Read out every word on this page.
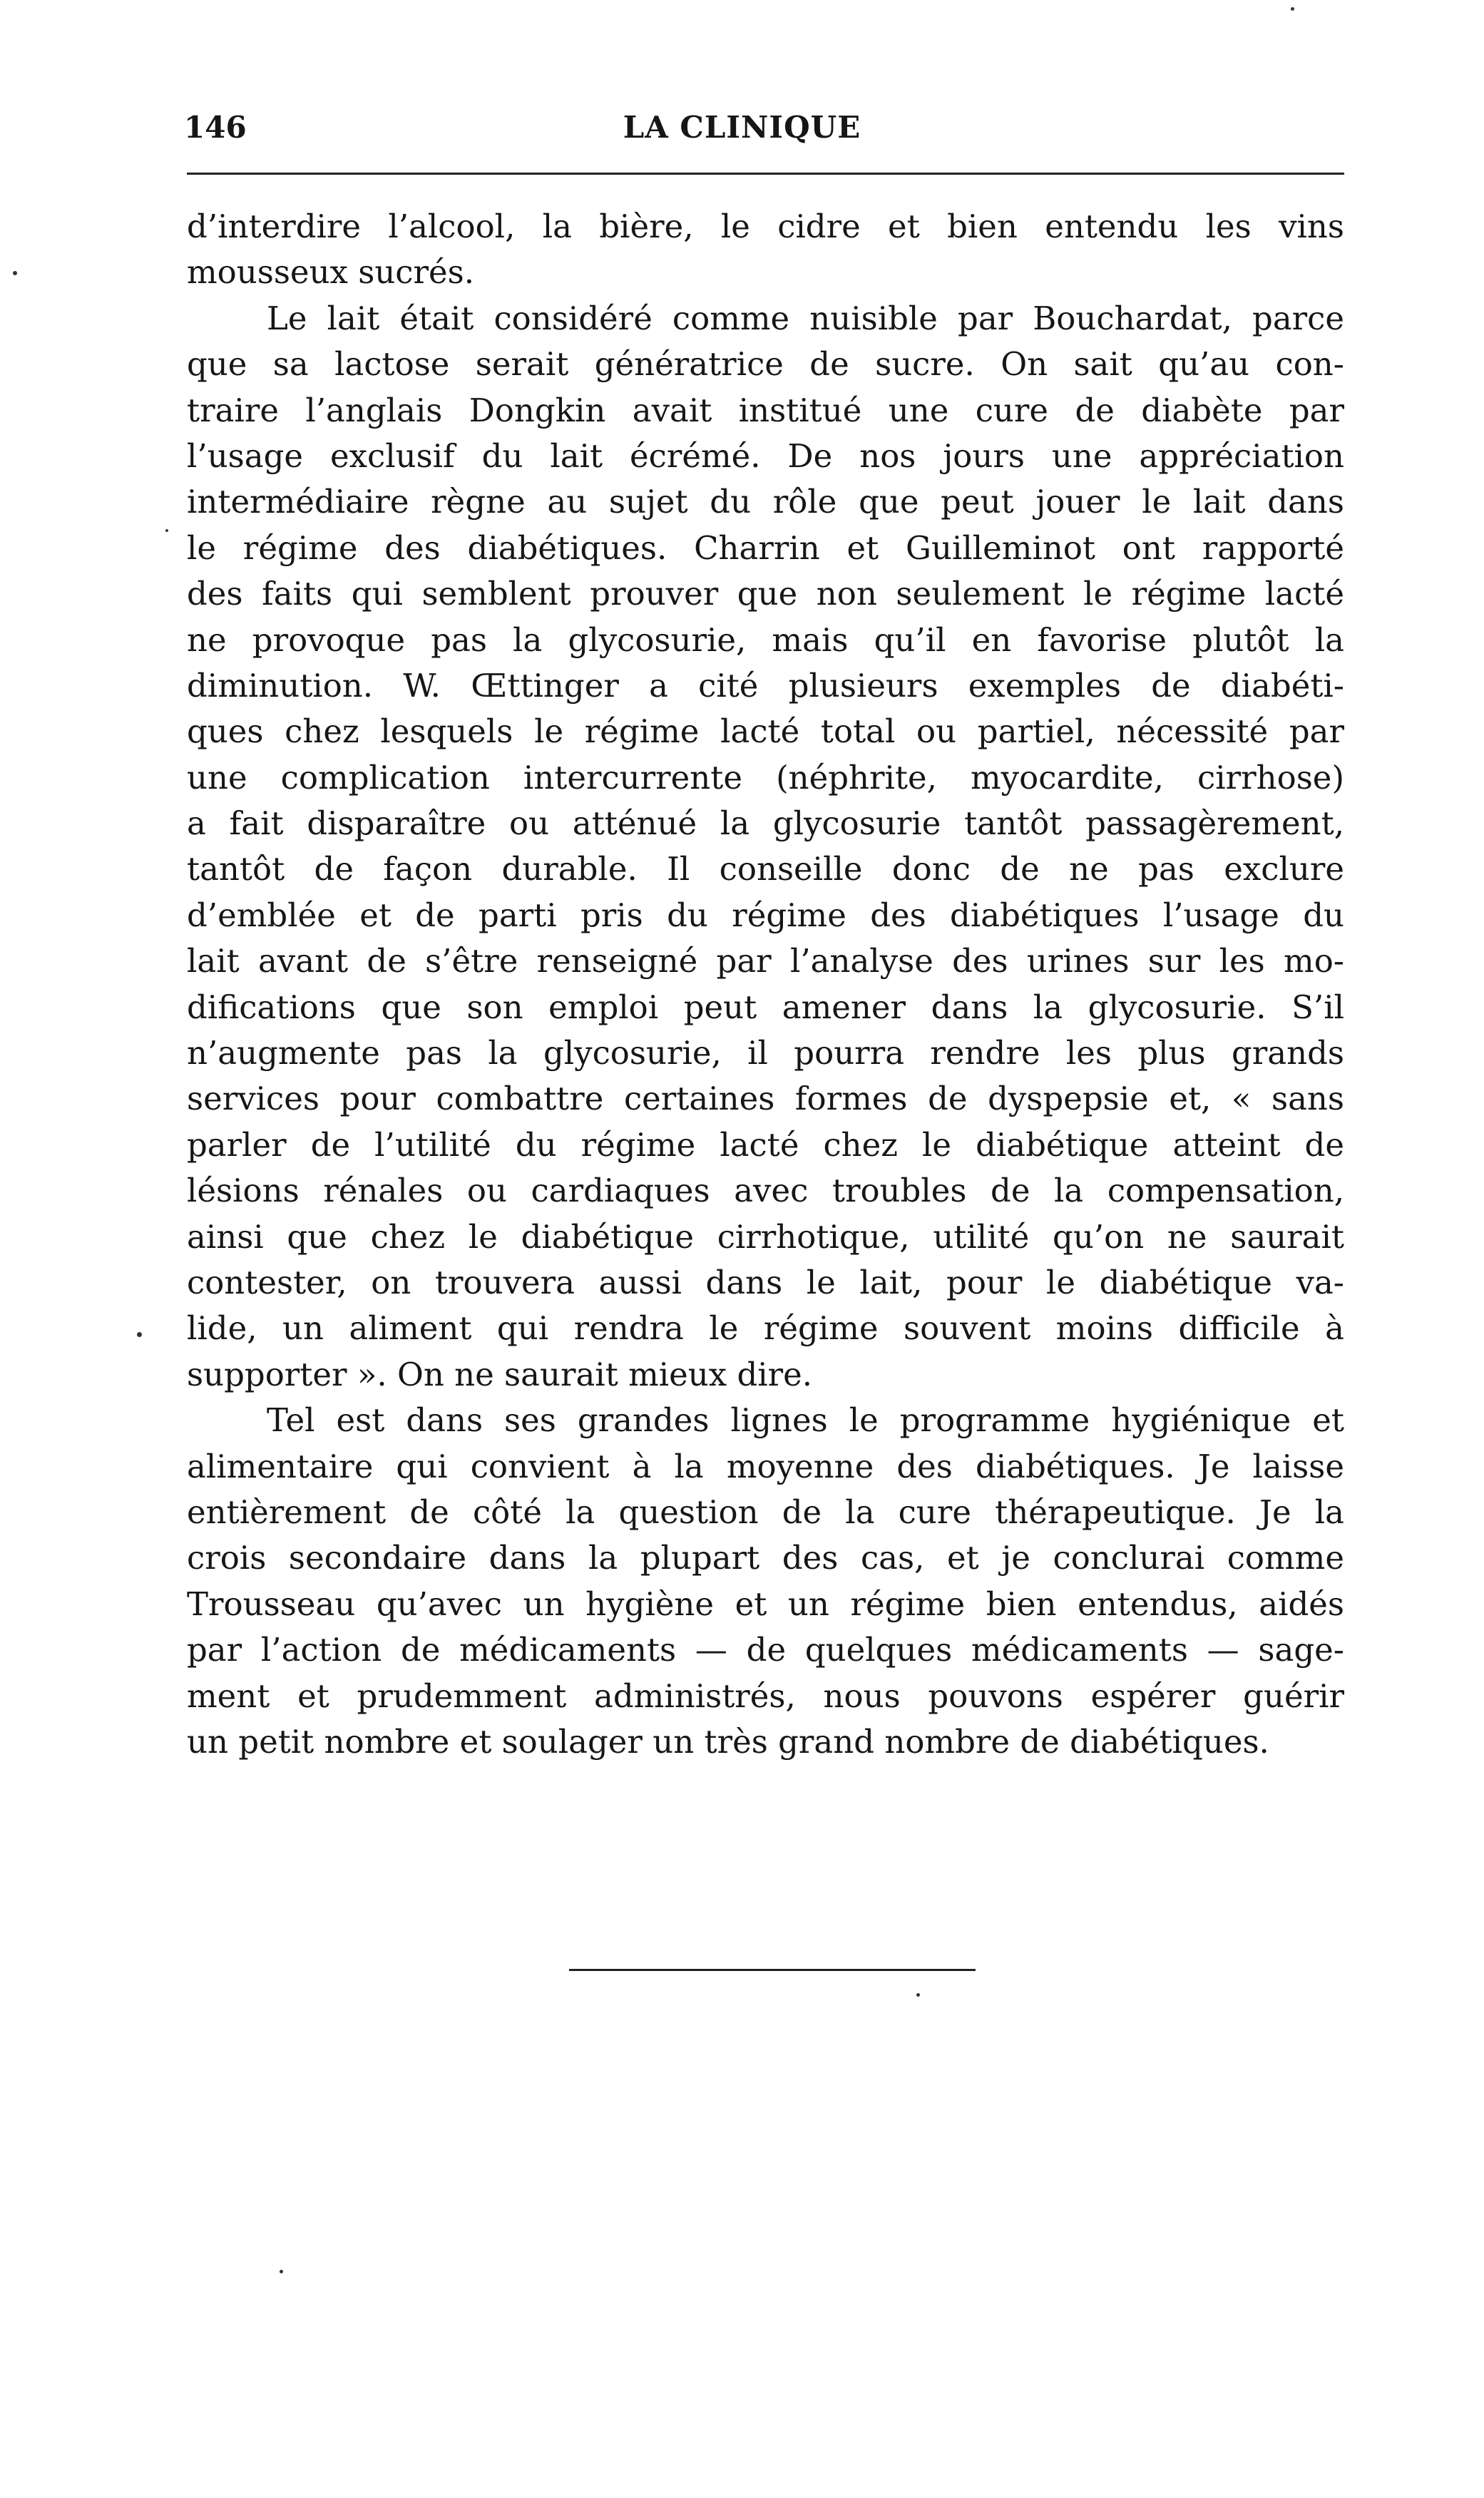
146	LA CLINIQUE
d’interdire l’alcool, la bière, le cidre et bien entendu les vins
mousseux sucrés.
Le lait était considéré comme nuisible par Bouchardat, parce
que sa lactose serait génératrice de sucre. On sait qu’au con-
traire l’anglais Dongkin avait institué une cure de diabète par
l’usage exclusif du lait écrémé. De nos jours une appréciation
intermédiaire règne au sujet du rôle que peut jouer le lait dans
le régime des diabétiques. Charrin et Guilleminot ont rapporté
des faits qui semblent prouver que non seulement le régime lacté
ne provoque pas la glycosurie, mais qu’il en favorise plutôt la
diminution. W. Œttinger a cité plusieurs exemples de diabéti-
ques chez lesquels le régime lacté total ou partiel, nécessité par
une complication intercurrente (néphrite, myocardite, cirrhose)
a fait disparaître ou atténué la glycosurie tantôt passagèrement,
tantôt de façon durable. Il conseille donc de ne pas exclure
d’emblée et de parti pris du régime des diabétiques l’usage du
lait avant de s’être renseigné par l’analyse des urines sur les mo-
difications que son emploi peut amener dans la glycosurie. S’il
n’augmente pas la glycosurie, il pourra rendre les plus grands
services pour combattre certaines formes de dyspepsie et, « sans
parler de l’utilité du régime lacté chez le diabétique atteint de
lésions rénales ou cardiaques avec troubles de la compensation,
ainsi que chez le diabétique cirrhotique, utilité qu’on ne saurait
contester, on trouvera aussi dans le lait, pour le diabétique va-
lide, un aliment qui rendra le régime souvent moins difficile à
supporter ». On ne saurait mieux dire.
Tel est dans ses grandes lignes le programme hygiénique et
alimentaire qui convient à la moyenne des diabétiques. Je laisse
entièrement de côté la question de la cure thérapeutique. Je la
crois secondaire dans la plupart des cas, et je conclurai comme
Trousseau qu’avec un hygiène et un régime bien entendus, aidés
par l’action de médicaments — de quelques médicaments — sage-
ment et prudemment administrés, nous pouvons espérer guérir
un petit nombre et soulager un très grand nombre de diabétiques.
